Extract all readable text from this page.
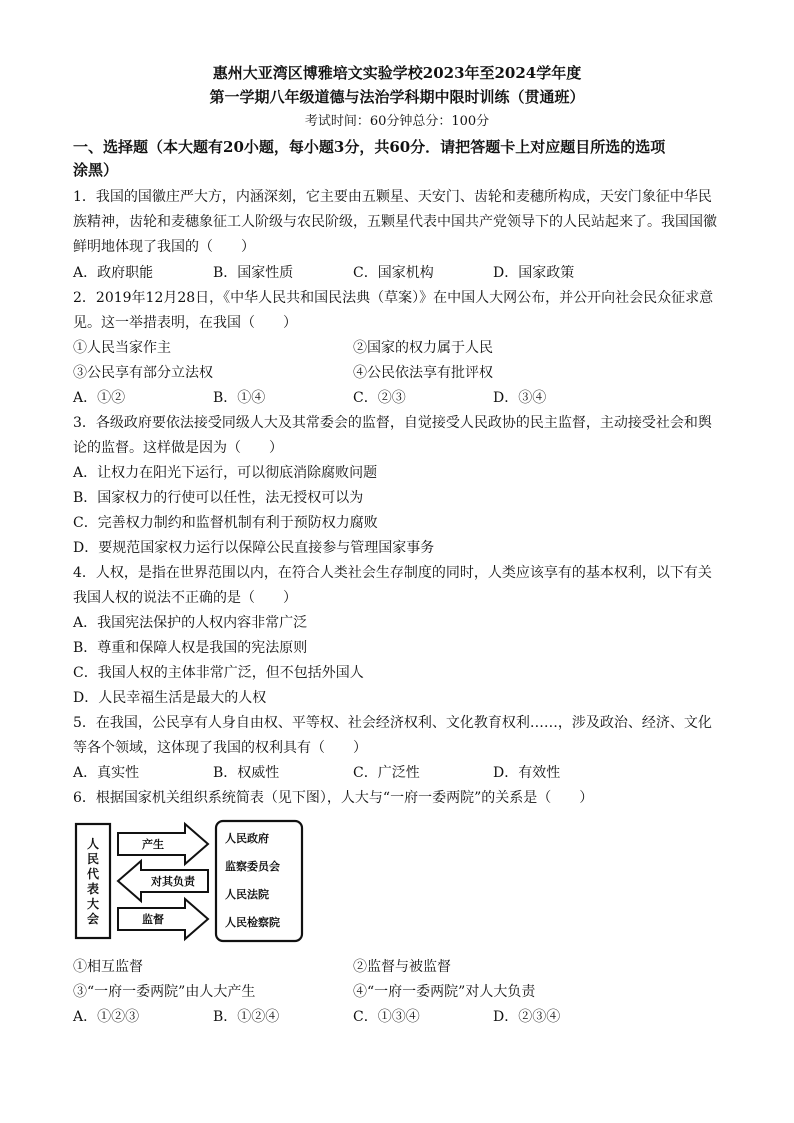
惠州大亚湾区博雅培文实验学校2023年至2024学年度
第一学期八年级道德与法治学科期中限时训练（贯通班）
考试时间：60分钟总分：100分
一、选择题（本大题有20小题，每小题3分，共60分．请把答题卡上对应题目所选的选项
涂黑）
1．我国的国徽庄严大方，内涵深刻，它主要由五颗星、天安门、齿轮和麦穗所构成，天安门象征中华民
族精神，齿轮和麦穗象征工人阶级与农民阶级，五颗星代表中国共产党领导下的人民站起来了。我国国徽
鲜明地体现了我国的（　　）
A．政府职能	B．国家性质	C．国家机构	D．国家政策
2．2019年12月28日，《中华人民共和国民法典（草案）》在中国人大网公布，并公开向社会民众征求意
见。这一举措表明，在我国（　　）
①人民当家作主	②国家的权力属于人民
③公民享有部分立法权	④公民依法享有批评权
A．①②	B．①④	C．②③	D．③④
3．各级政府要依法接受同级人大及其常委会的监督，自觉接受人民政协的民主监督，主动接受社会和舆
论的监督。这样做是因为（　　）
A．让权力在阳光下运行，可以彻底消除腐败问题
B．国家权力的行使可以任性，法无授权可以为
C．完善权力制约和监督机制有利于预防权力腐败
D．要规范国家权力运行以保障公民直接参与管理国家事务
4．人权，是指在世界范围以内，在符合人类社会生存制度的同时，人类应该享有的基本权利，以下有关
我国人权的说法不正确的是（　　）
A．我国宪法保护的人权内容非常广泛
B．尊重和保障人权是我国的宪法原则
C．我国人权的主体非常广泛，但不包括外国人
D．人民幸福生活是最大的人权
5．在我国，公民享有人身自由权、平等权、社会经济权利、文化教育权利……，涉及政治、经济、文化
等各个领域，这体现了我国的权利具有（　　）
A．真实性	B．权威性	C．广泛性	D．有效性
6．根据国家机关组织系统简表（见下图），人大与“一府一委两院”的关系是（　　）
人
民
代
表
大
会
产生
对其负责
监督
人民政府
监察委员会
人民法院
人民检察院
①相互监督	②监督与被监督
③“一府一委两院”由人大产生	④“一府一委两院”对人大负责
A．①②③	B．①②④	C．①③④	D．②③④
